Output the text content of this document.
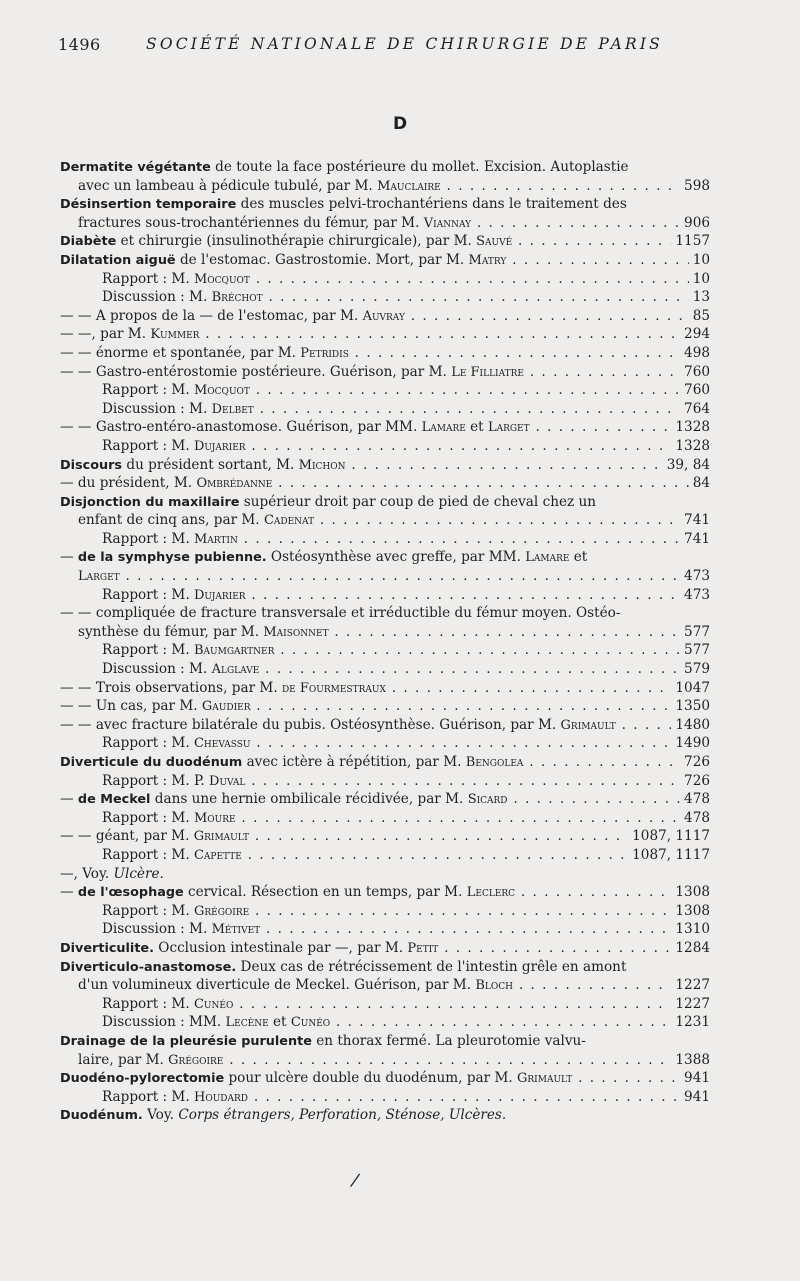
1496	SOCIÉTÉ NATIONALE DE CHIRURGIE DE PARIS
D
Dermatite végétante de toute la face postérieure du mollet. Excision. Autoplastie
avec un lambeau à pédicule tubulé, par M. Mauclaire	598
. . .
Désinsertion temporaire des muscles pelvi-trochantériens dans le traitement des
fractures sous-trochantériennes du fémur, par M. Viannay	906
. . .
Diabète et chirurgie (insulinothérapie chirurgicale), par M. Sauvé	1157
. . .
Dilatation aiguë de l'estomac. Gastrostomie. Mort, par M. Matry	10
. . .
Rapport : M. Mocquot	10
. . .
Discussion : M. Bréchot	13
. . .
— — A propos de la — de l'estomac, par M. Auvray	85
. . .
— —, par M. Kummer	294
. . .
— — énorme et spontanée, par M. Petridis	498
. . .
— — Gastro-entérostomie postérieure. Guérison, par M. Le Filliatre	760
. . .
Rapport : M. Mocquot	760
. . .
Discussion : M. Delbet	764
. . .
— — Gastro-entéro-anastomose. Guérison, par MM. Lamare et Larget	1328
. . .
Rapport : M. Dujarier	1328
. . .
Discours du président sortant, M. Michon	39, 84
. . .
— du président, M. Ombrédanne	84
. . .
Disjonction du maxillaire supérieur droit par coup de pied de cheval chez un
enfant de cinq ans, par M. Cadenat	741
. . .
Rapport : M. Martin	741
. . .
— de la symphyse pubienne. Ostéosynthèse avec greffe, par MM. Lamare et
Larget	473
. . .
Rapport : M. Dujarier	473
. . .
— — compliquée de fracture transversale et irréductible du fémur moyen. Ostéo-
synthèse du fémur, par M. Maisonnet	577
. . .
Rapport : M. Baumgartner	577
. . .
Discussion : M. Alglave	579
. . .
— — Trois observations, par M. de Fourmestraux	1047
. . .
— — Un cas, par M. Gaudier	1350
. . .
— — avec fracture bilatérale du pubis. Ostéosynthèse. Guérison, par M. Grimault	1480
. . .
Rapport : M. Chevassu	1490
. . .
Diverticule du duodénum avec ictère à répétition, par M. Bengolea	726
. . .
Rapport : M. P. Duval	726
. . .
— de Meckel dans une hernie ombilicale récidivée, par M. Sicard	478
. . .
Rapport : M. Moure	478
. . .
— — géant, par M. Grimault	1087, 1117
. . .
Rapport : M. Capette	1087, 1117
. . .
—, Voy. Ulcère.
— de l'œsophage cervical. Résection en un temps, par M. Leclerc	1308
. . .
Rapport : M. Grégoire	1308
. . .
Discussion : M. Métivet	1310
. . .
Diverticulite. Occlusion intestinale par —, par M. Petit	1284
. . .
Diverticulo-anastomose. Deux cas de rétrécissement de l'intestin grêle en amont
d'un volumineux diverticule de Meckel. Guérison, par M. Bloch	1227
. . .
Rapport : M. Cunéo	1227
. . .
Discussion : MM. Lecène et Cunéo	1231
. . .
Drainage de la pleurésie purulente en thorax fermé. La pleurotomie valvu-
laire, par M. Grégoire	1388
. . .
Duodéno-pylorectomie pour ulcère double du duodénum, par M. Grimault	941
. . .
Rapport : M. Houdard	941
. . .
Duodénum. Voy. Corps étrangers, Perforation, Sténose, Ulcères.
/
